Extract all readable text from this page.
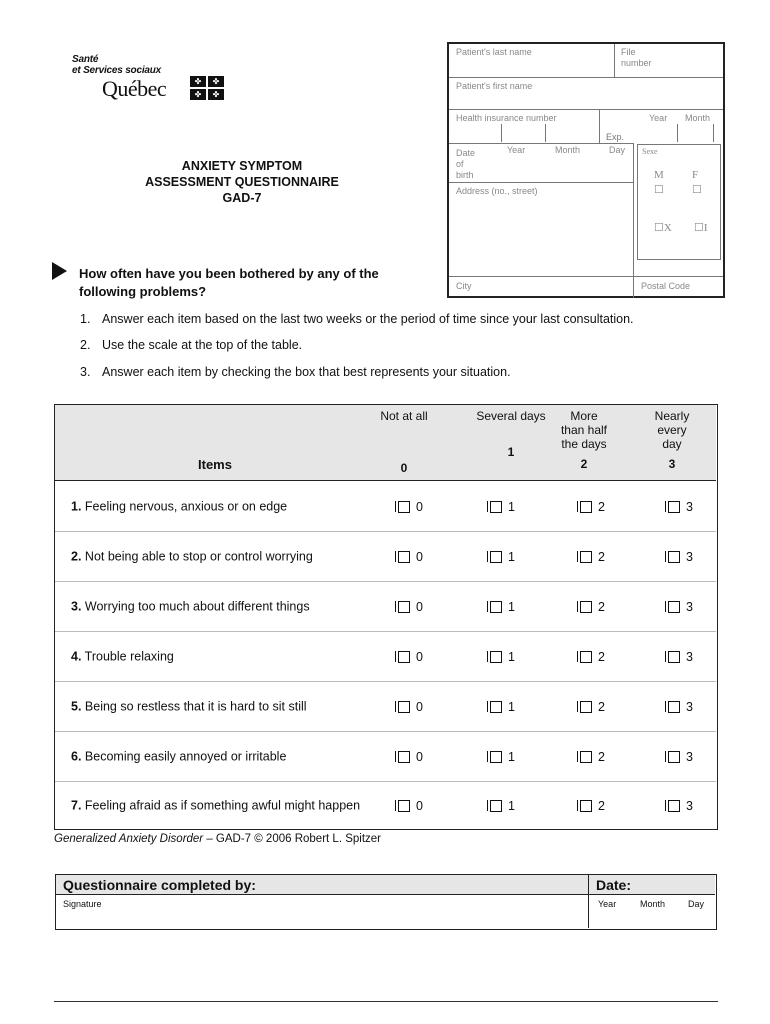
Santé
et Services sociaux
Québec	✤	✤
✤	✤
ANXIETY SYMPTOM
ASSESSMENT QUESTIONNAIRE
GAD-7
Patient's last name	File
number
Patient's first name
Health insurance number
Exp.
Year Month
Date
of
birth
Year	Month	Day
Address (no., street)
City	Postal Code
Sexe
M	F
☐	☐
☐X ☐I
How often have you been bothered by any of the
following problems?
1. Answer each item based on the last two weeks or the period of time since your last consultation.
2. Use the scale at the top of the table.
3. Answer each item by checking the box that best represents your situation.
Items
Not at all
0
Several days
1
More
than half
the days
2
Nearly
every
day
3
1. Feeling nervous, anxious or on edge	0	1	2	3
2. Not being able to stop or control worrying	0	1	2	3
3. Worrying too much about different things	0	1	2	3
4. Trouble relaxing	0	1	2	3
5. Being so restless that it is hard to sit still	0	1	2	3
6. Becoming easily annoyed or irritable	0	1	2	3
7. Feeling afraid as if something awful might happen	0	1	2	3
Generalized Anxiety Disorder – GAD-7 © 2006 Robert L. Spitzer
Questionnaire completed by:	Date:
Signature	Year	Month	Day
